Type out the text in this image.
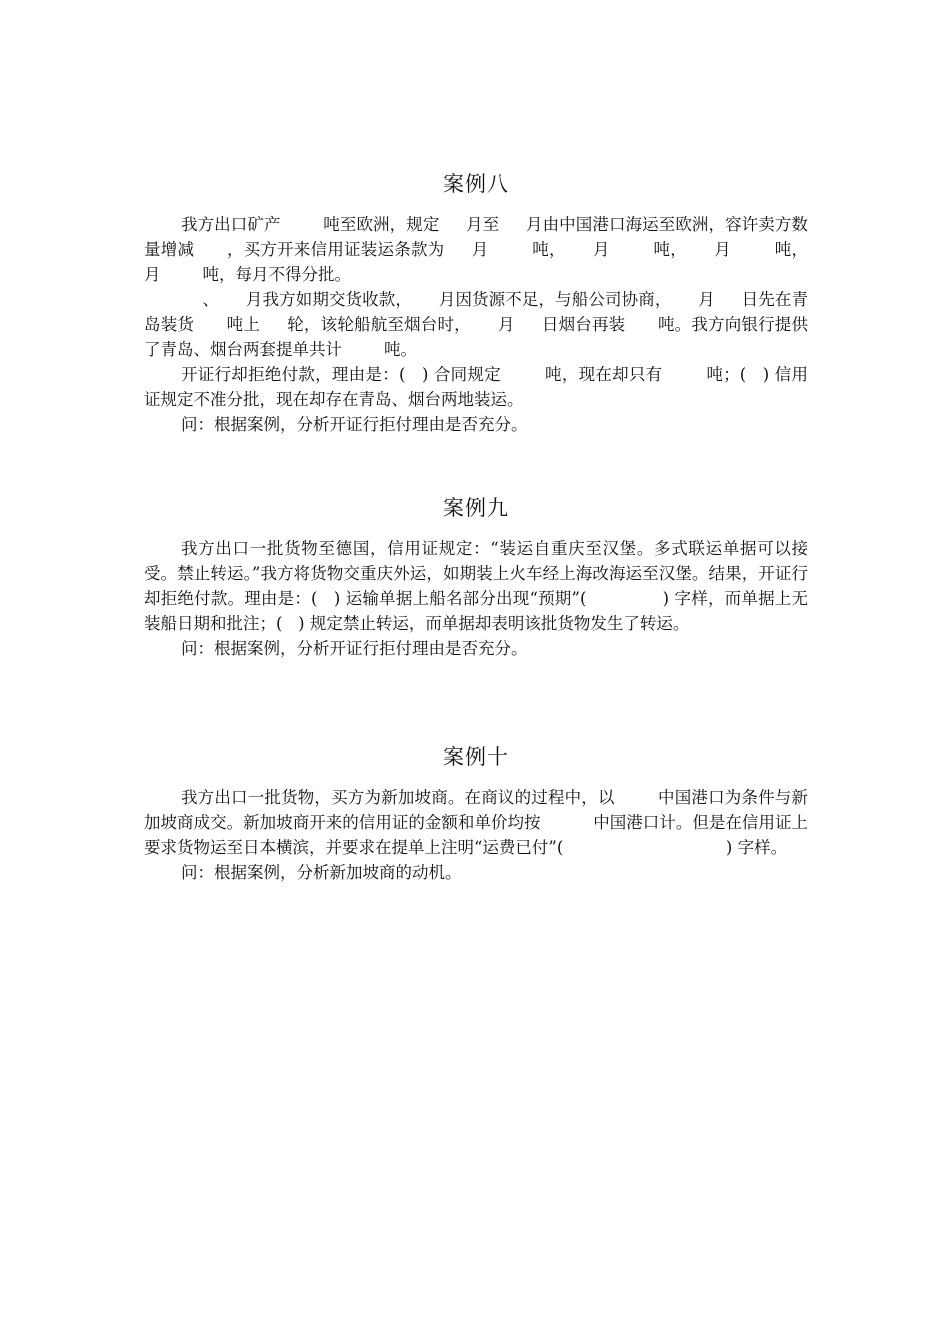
案例八

我方出口矿产        吨至欧洲，规定     月至     月由中国港口海运至欧洲，容许卖方数量增减      ，买方开来信用证装运条款为     月        吨，     月        吨，     月        吨，     月        吨，每月不得分批。

、     月我方如期交货收款，     月因货源不足，与船公司协商，     月     日先在青岛装货      吨上     轮，该轮船航至烟台时，     月     日烟台再装      吨。我方向银行提供了青岛、烟台两套提单共计        吨。

开证行却拒绝付款，理由是：(   ) 合同规定        吨，现在却只有        吨；(   ) 信用证规定不准分批，现在却存在青岛、烟台两地装运。

问：根据案例，分析开证行拒付理由是否充分。

案例九

我方出口一批货物至德国，信用证规定：“装运自重庆至汉堡。多式联运单据可以接受。禁止转运。”我方将货物交重庆外运，如期装上火车经上海改海运至汉堡。结果，开证行却拒绝付款。理由是：(   ) 运输单据上船名部分出现“预期”(              ) 字样，而单据上无装船日期和批注；(   ) 规定禁止转运，而单据却表明该批货物发生了转运。

问：根据案例，分析开证行拒付理由是否充分。

案例十

我方出口一批货物，买方为新加坡商。在商议的过程中，以        中国港口为条件与新加坡商成交。新加坡商开来的信用证的金额和单价均按          中国港口计。但是在信用证上要求货物运至日本横滨，并要求在提单上注明“运费已付”(                               ) 字样。

问：根据案例，分析新加坡商的动机。
